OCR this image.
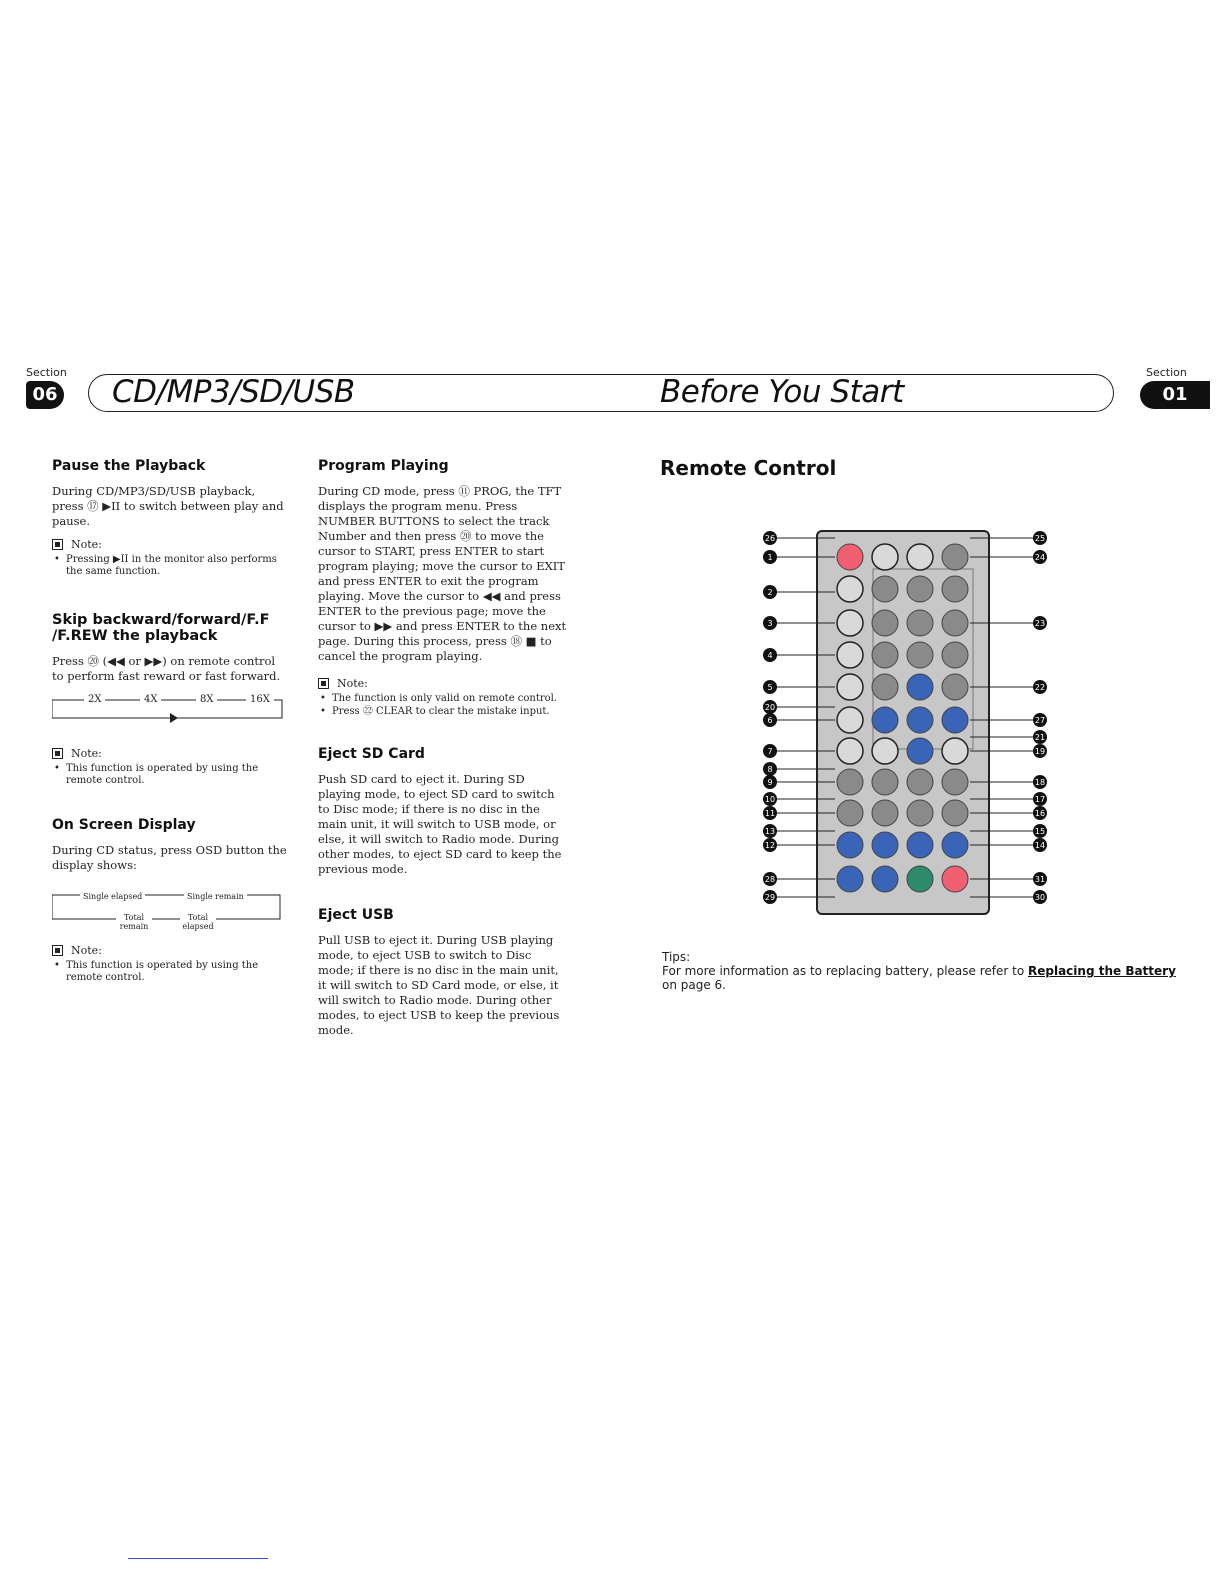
Section
06 CD/MP3/SD/USB	Before You Start
Section
01
Pause the Playback

During CD/MP3/SD/USB playback, press ⑰ ▶II to switch between play and pause.

Note:
• Pressing ▶II in the monitor also performs the same function.
Skip backward/forward/F.F /F.REW the playback

Press ⑳ (◀◀ or ▶▶) on remote control to perform fast reward or fast forward.

2X	4X	8X	16X
Note:
• This function is operated by using the remote control.
On Screen Display

During CD status, press OSD button the display shows:

Single elapsed	Single remain
Total elapsed
Total remain
Note:
• This function is operated by using the remote control.
Program Playing

During CD mode, press ⑪ PROG, the TFT displays the program menu. Press NUMBER BUTTONS to select the track Number and then press ⑳ to move the cursor to START, press ENTER to start program playing; move the cursor to EXIT and press ENTER to exit the program playing. Move the cursor to ◀◀ and press ENTER to the previous page; move the cursor to ▶▶ and press ENTER to the next page. During this process, press ⑱ ■ to cancel the program playing.

Note:
• The function is only valid on remote control.
• Press ㉒ CLEAR to clear the mistake input.
Eject SD Card

Push SD card to eject it. During SD playing mode, to eject SD card to switch to Disc mode; if there is no disc in the main unit, it will switch to USB mode, or else, it will switch to Radio mode. During other modes, to eject SD card to keep the previous mode.

Eject USB

Pull USB to eject it. During USB playing mode, to eject USB to switch to Disc mode; if there is no disc in the main unit, it will switch to SD Card mode, or else, it will switch to Radio mode. During other modes, to eject USB to keep the previous mode.

Remote Control
26
1
2
3
4
5
20
6
7
8
9
10
11
13
12
28
29
25
24
23
22
27
21
19
18
17
16
15
14
31
30
Tips:
For more information as to replacing battery, please refer to Replacing the Battery
on page 6.
